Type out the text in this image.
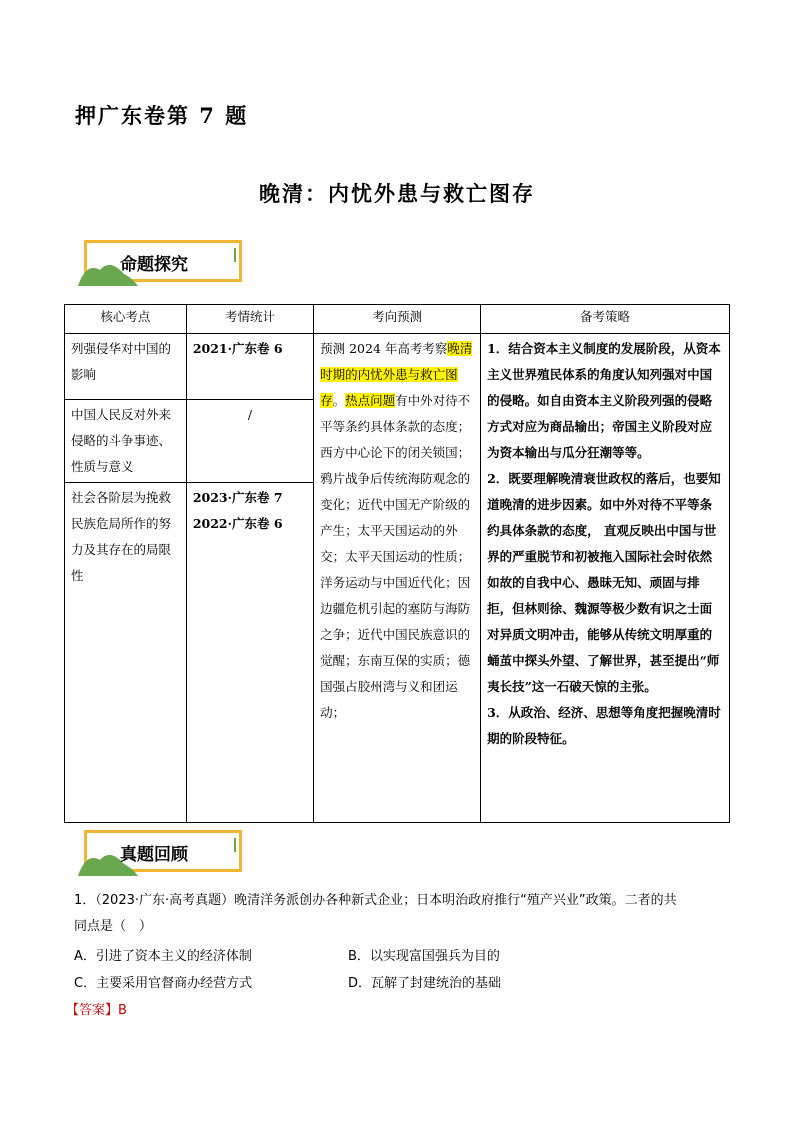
押广东卷第 7 题
晚清：内忧外患与救亡图存
命题探究
核心考点	考情统计	考向预测	备考策略
列强侵华对中国的影响	2021·广东卷 6	预测 2024 年高考考察晚清时期的内忧外患与救亡图存。热点问题有中外对待不平等条约具体条款的态度；西方中心论下的闭关锁国；鸦片战争后传统海防观念的变化；近代中国无产阶级的产生；太平天国运动的外交；太平天国运动的性质；洋务运动与中国近代化；因边疆危机引起的塞防与海防之争；近代中国民族意识的觉醒；东南互保的实质；德国强占胶州湾与义和团运动；	1．结合资本主义制度的发展阶段，从资本主义世界殖民体系的角度认知列强对中国的侵略。如自由资本主义阶段列强的侵略方式对应为商品输出；帝国主义阶段对应为资本输出与瓜分狂潮等等。
2．既要理解晚清衰世政权的落后，也要知道晚清的进步因素。如中外对待不平等条约具体条款的态度， 直观反映出中国与世界的严重脱节和初被拖入国际社会时依然如故的自我中心、愚昧无知、顽固与排拒，但林则徐、魏源等极少数有识之士面对异质文明冲击，能够从传统文明厚重的蛹茧中探头外望、了解世界，甚至提出“师夷长技”这一石破天惊的主张。
3．从政治、经济、思想等角度把握晚清时期的阶段特征。

中国人民反对外来侵略的斗争事迹、性质与意义	/		
社会各阶层为挽救民族危局所作的努力及其存在的局限性	2023·广东卷 7
2022·广东卷 6		
真题回顾
1．（2023·广东·高考真题）晚清洋务派创办各种新式企业；日本明治政府推行“殖产兴业”政策。二者的共
同点是（　）
A．引进了资本主义的经济体制	B．以实现富国强兵为目的
C．主要采用官督商办经营方式	D．瓦解了封建统治的基础
【答案】B
